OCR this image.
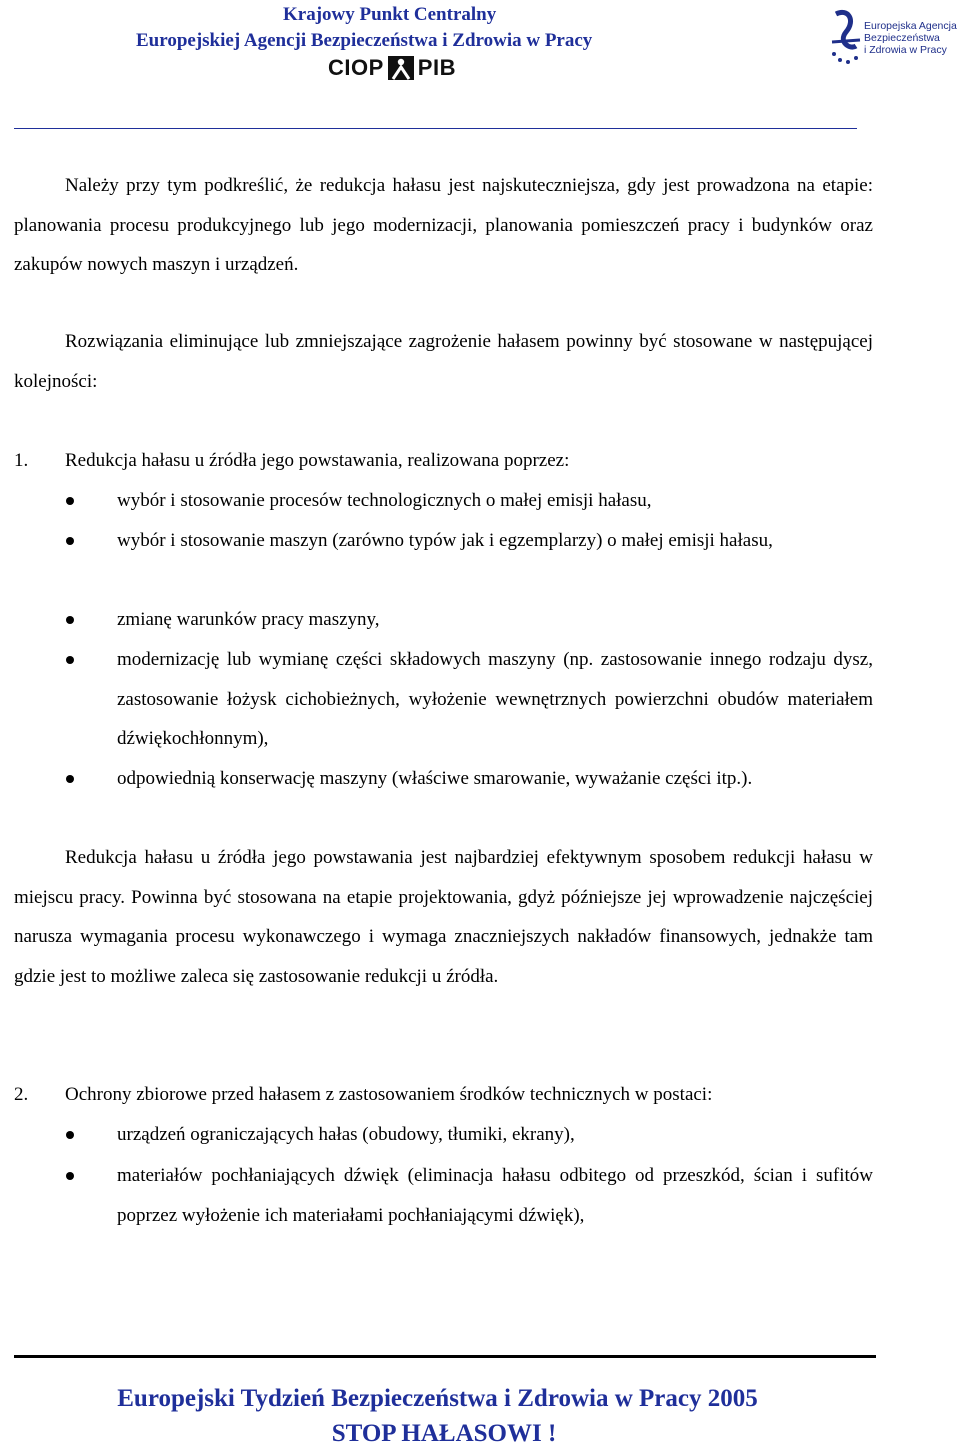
Krajowy Punkt Centralny
Europejskiej Agencji Bezpieczeństwa i Zdrowia w Pracy
CIOP PIB
Europejska Agencja
Bezpieczeństwa
i Zdrowia w Pracy
Należy przy tym podkreślić, że redukcja hałasu jest najskuteczniejsza, gdy jest prowadzona na etapie: planowania procesu produkcyjnego lub jego modernizacji, planowania pomieszczeń pracy i budynków oraz zakupów nowych maszyn i urządzeń.
Rozwiązania eliminujące lub zmniejszające zagrożenie hałasem powinny być stosowane w następującej kolejności:
1. Redukcja hałasu u źródła jego powstawania, realizowana poprzez:
wybór i stosowanie procesów technologicznych o małej emisji hałasu,
wybór i stosowanie maszyn (zarówno typów jak i egzemplarzy) o małej emisji hałasu,
zmianę warunków pracy maszyny,
modernizację lub wymianę części składowych maszyny (np. zastosowanie innego rodzaju dysz, zastosowanie łożysk cichobieżnych, wyłożenie wewnętrznych powierzchni obudów materiałem dźwiękochłonnym),
odpowiednią konserwację maszyny (właściwe smarowanie, wyważanie części itp.).
Redukcja hałasu u źródła jego powstawania jest najbardziej efektywnym sposobem redukcji hałasu w miejscu pracy. Powinna być stosowana na etapie projektowania, gdyż późniejsze jej wprowadzenie najczęściej narusza wymagania procesu wykonawczego i wymaga znaczniejszych nakładów finansowych, jednakże tam gdzie jest to możliwe zaleca się zastosowanie redukcji u źródła.
2. Ochrony zbiorowe przed hałasem z zastosowaniem środków technicznych w postaci:
urządzeń ograniczających hałas (obudowy, tłumiki, ekrany),
materiałów pochłaniających dźwięk (eliminacja hałasu odbitego od przeszkód, ścian i sufitów poprzez wyłożenie ich materiałami pochłaniającymi dźwięk),
Europejski Tydzień Bezpieczeństwa i Zdrowia w Pracy 2005
STOP HAŁASOWI !
